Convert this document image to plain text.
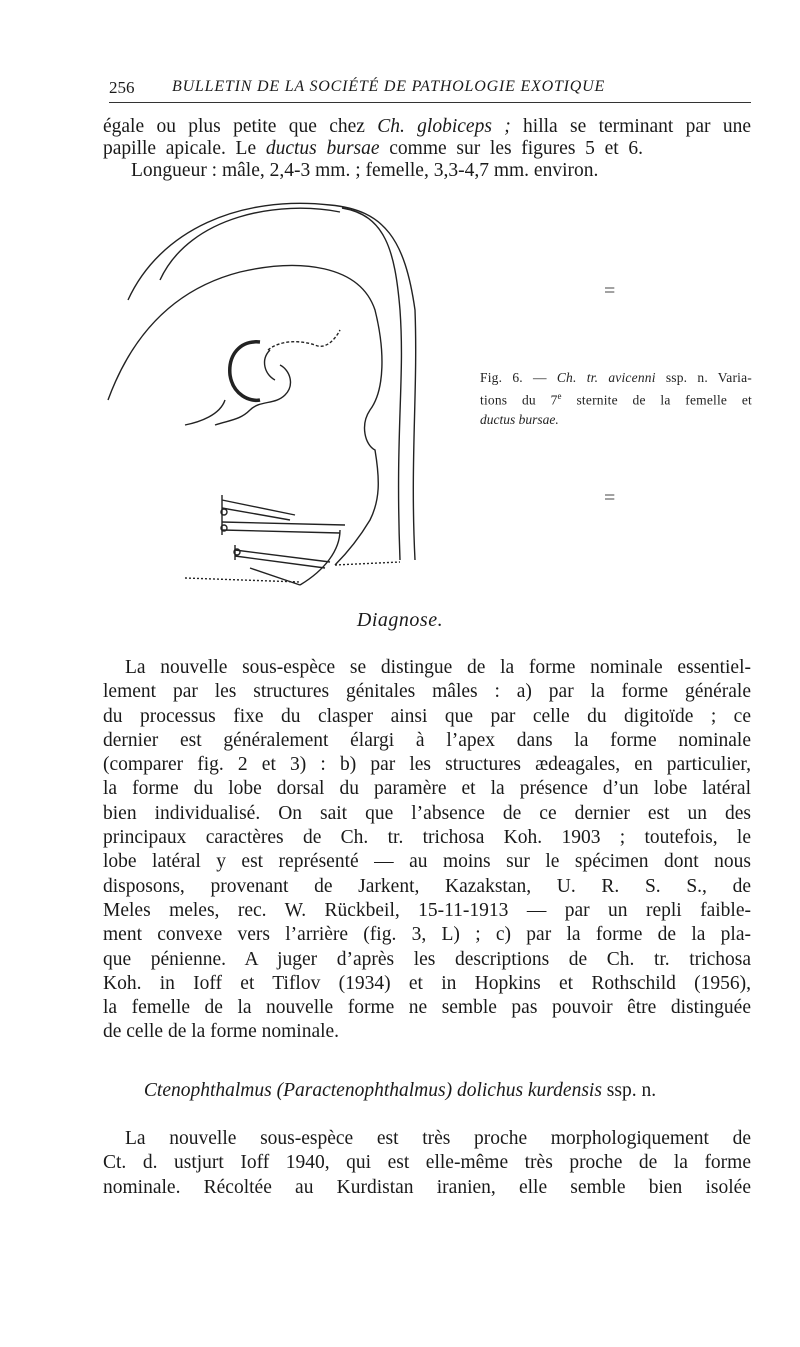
256 BULLETIN DE LA SOCIÉTÉ DE PATHOLOGIE EXOTIQUE
égale ou plus petite que chez Ch. globiceps ; hilla se terminant par une
papille apicale. Le ductus bursae comme sur les figures 5 et 6.
Longueur : mâle, 2,4-3 mm. ; femelle, 3,3-4,7 mm. environ.
=
=
Fig. 6. — Ch. tr. avicenni ssp. n. Varia-
tions du 7e sternite de la femelle et
ductus bursae.
Diagnose.
La nouvelle sous-espèce se distingue de la forme nominale essentiel-
lement par les structures génitales mâles : a) par la forme générale
du processus fixe du clasper ainsi que par celle du digitoïde ; ce
dernier est généralement élargi à l’apex dans la forme nominale
(comparer fig. 2 et 3) : b) par les structures ædeagales, en particulier,
la forme du lobe dorsal du paramère et la présence d’un lobe latéral
bien individualisé. On sait que l’absence de ce dernier est un des
principaux caractères de Ch. tr. trichosa Koh. 1903 ; toutefois, le
lobe latéral y est représenté — au moins sur le spécimen dont nous
disposons, provenant de Jarkent, Kazakstan, U. R. S. S., de
Meles meles, rec. W. Rückbeil, 15-11-1913 — par un repli faible-
ment convexe vers l’arrière (fig. 3, L) ; c) par la forme de la pla-
que pénienne. A juger d’après les descriptions de Ch. tr. trichosa
Koh. in Ioff et Tiflov (1934) et in Hopkins et Rothschild (1956),
la femelle de la nouvelle forme ne semble pas pouvoir être distinguée
de celle de la forme nominale.
Ctenophthalmus (Paractenophthalmus) dolichus kurdensis ssp. n.
La nouvelle sous-espèce est très proche morphologiquement de
Ct. d. ustjurt Ioff 1940, qui est elle-même très proche de la forme
nominale. Récoltée au Kurdistan iranien, elle semble bien isolée
